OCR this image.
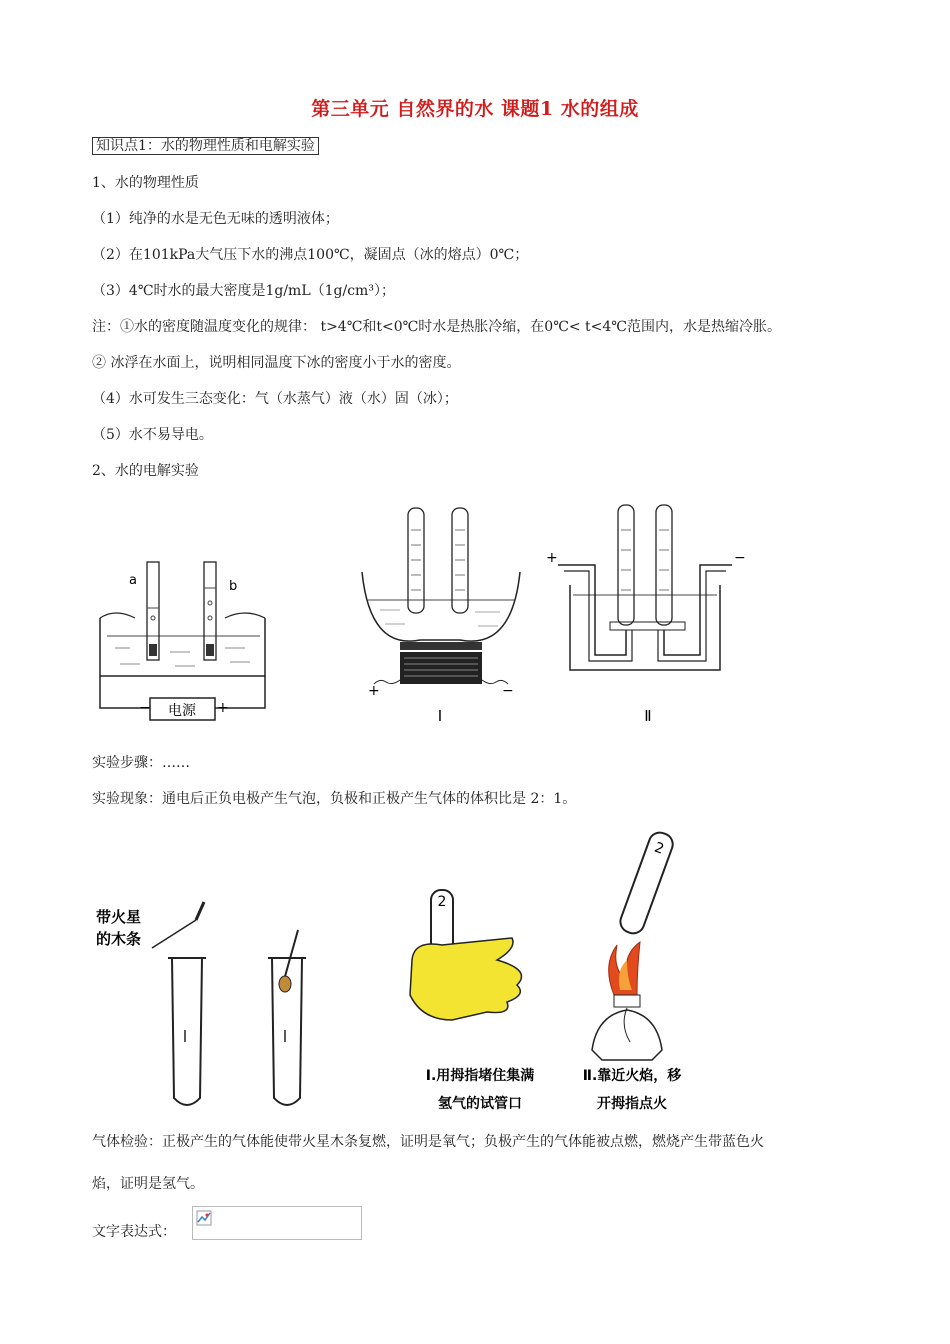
第三单元 自然界的水 课题1 水的组成
知识点1：水的物理性质和电解实验
1、水的物理性质
（1）纯净的水是无色无味的透明液体；
（2）在101kPa大气压下水的沸点100℃，凝固点（冰的熔点）0℃；
（3）4℃时水的最大密度是1g/mL（1g/cm³）；
注：①水的密度随温度变化的规律： t>4℃和t<0℃时水是热胀冷缩，在0℃< t<4℃范围内，水是热缩冷胀。
② 冰浮在水面上，说明相同温度下冰的密度小于水的密度。
（4）水可发生三态变化：气（水蒸气）液（水）固（冰）；
（5）水不易导电。
2、水的电解实验
电源
−	+
a	b
+	−
Ⅰ
+	−
Ⅱ
实验步骤：……
实验现象：通电后正负电极产生气泡，负极和正极产生气体的体积比是 2：1。
带火星
的木条
2
Ⅰ.用拇指堵住集满
氢气的试管口
2
Ⅱ.靠近火焰，移
开拇指点火
气体检验：正极产生的气体能使带火星木条复燃，证明是氧气；负极产生的气体能被点燃，燃烧产生带蓝色火
焰，证明是氢气。
文字表达式：
